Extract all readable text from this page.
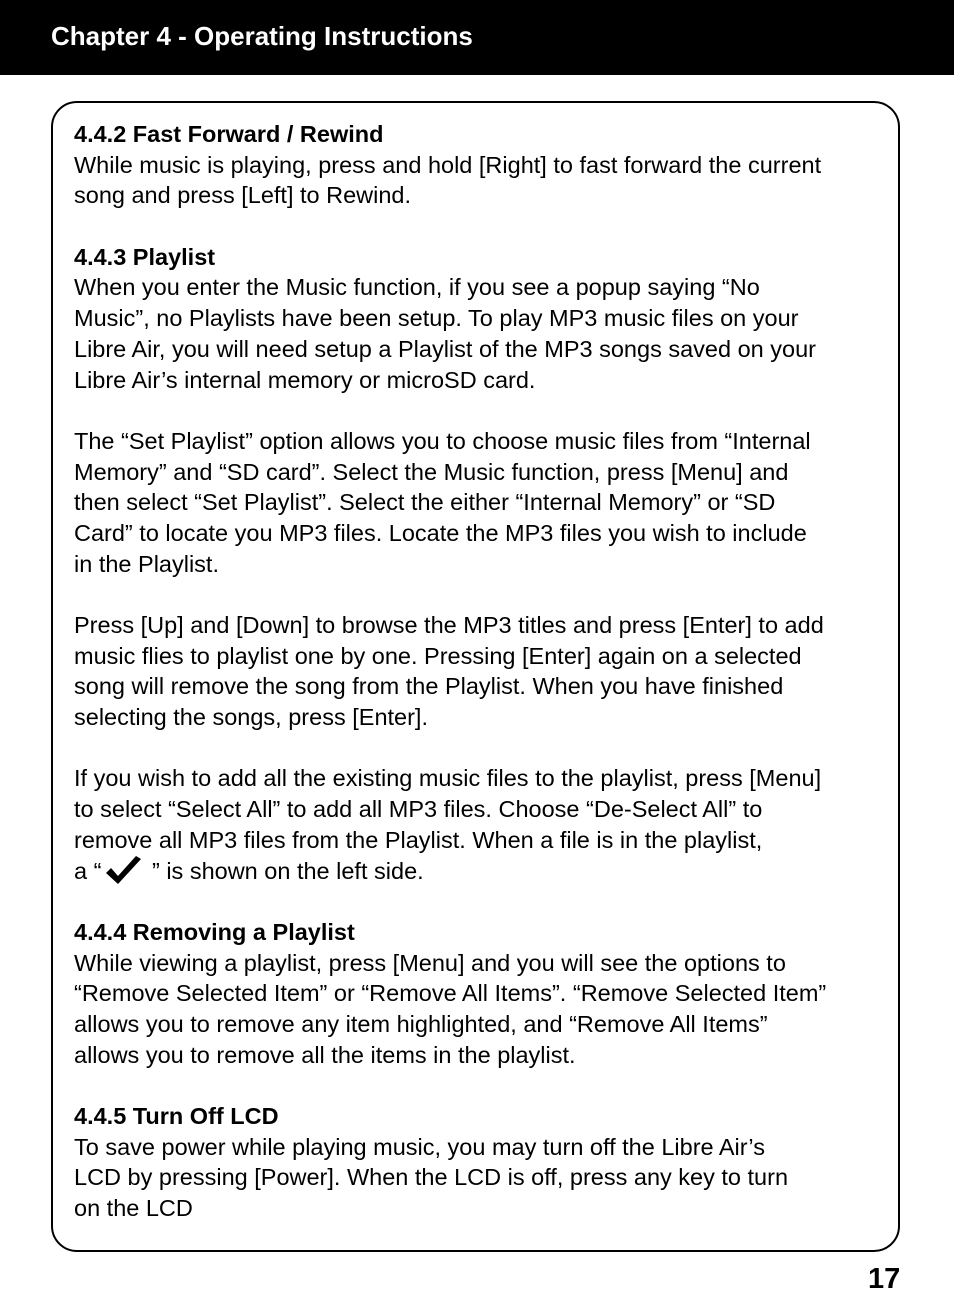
Chapter 4 - Operating Instructions
4.4.2 Fast Forward / Rewind
While music is playing, press and hold [Right] to fast forward the current
song and press [Left] to Rewind.
4.4.3 Playlist
When you enter the Music function, if you see a popup saying “No
Music”, no Playlists have been setup. To play MP3 music files on your
Libre Air, you will need setup a Playlist of the MP3 songs saved on your
Libre Air’s internal memory or microSD card.
The “Set Playlist” option allows you to choose music files from “Internal
Memory” and “SD card”. Select the Music function, press [Menu] and
then select “Set Playlist”. Select the either “Internal Memory” or “SD
Card” to locate you MP3 files. Locate the MP3 files you wish to include
in the Playlist.
Press [Up] and [Down] to browse the MP3 titles and press [Enter] to add
music flies to playlist one by one. Pressing [Enter] again on a selected
song will remove the song from the Playlist. When you have finished
selecting the songs, press [Enter].
If you wish to add all the existing music files to the playlist, press [Menu]
to select “Select All” to add all MP3 files. Choose “De-Select All” to
remove all MP3 files from the Playlist. When a file is in the playlist,
a “ ” is shown on the left side.
4.4.4 Removing a Playlist
While viewing a playlist, press [Menu] and you will see the options to
“Remove Selected Item” or “Remove All Items”. “Remove Selected Item”
allows you to remove any item highlighted, and “Remove All Items”
allows you to remove all the items in the playlist.
4.4.5 Turn Off LCD
To save power while playing music, you may turn off the Libre Air’s
LCD by pressing [Power]. When the LCD is off, press any key to turn
on the LCD
17
